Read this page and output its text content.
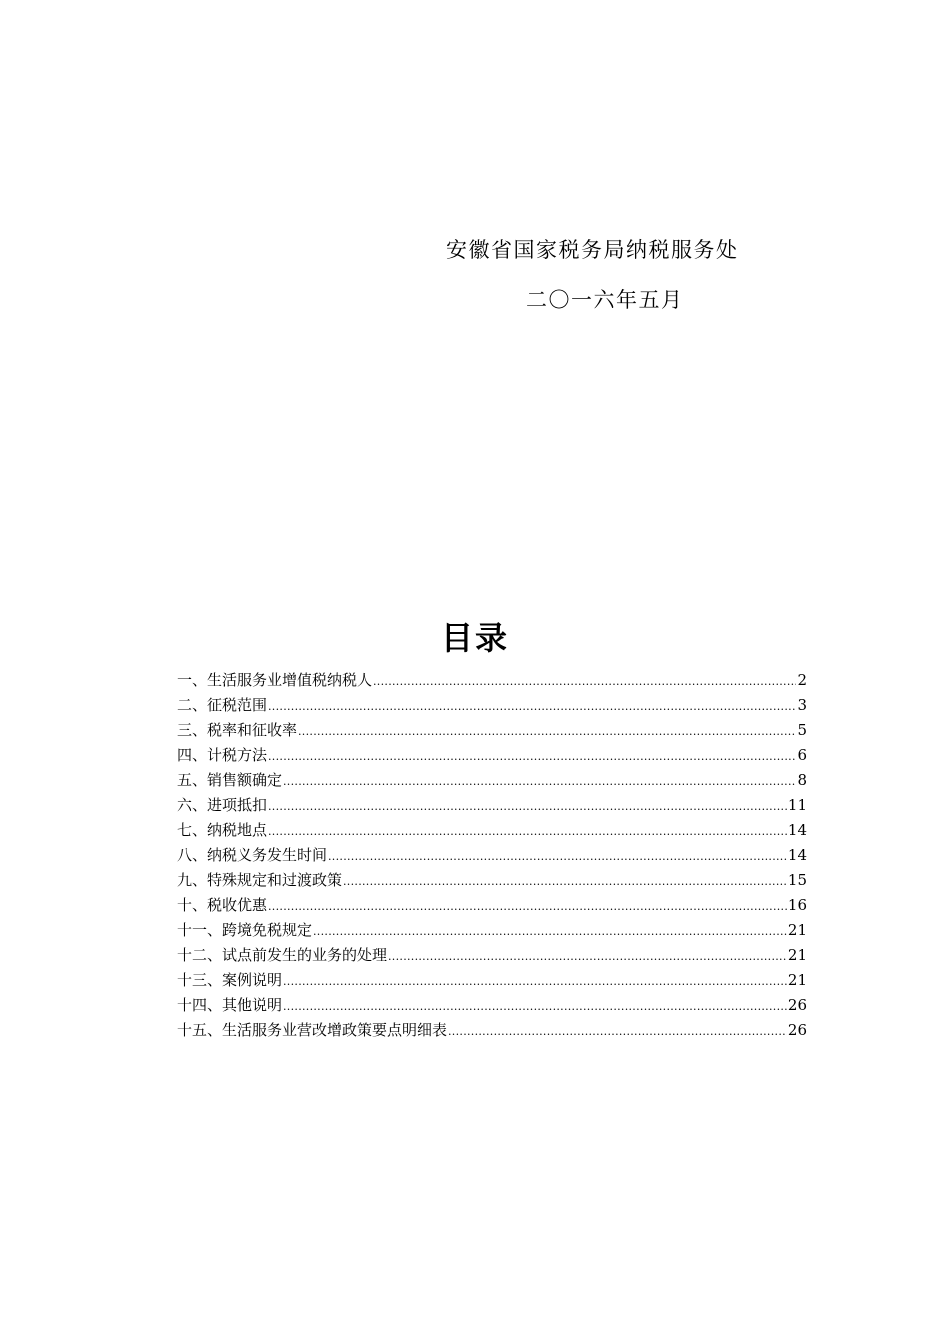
安徽省国家税务局纳税服务处
二〇一六年五月
目录
一、生活服务业增值税纳税人 .....	2
二、征税范围 .....	3
三、税率和征收率 .....	5
四、计税方法 .....	6
五、销售额确定 .....	8
六、进项抵扣 .....	11
七、纳税地点 .....	14
八、纳税义务发生时间 .....	14
九、特殊规定和过渡政策 .....	15
十、税收优惠 .....	16
十一、跨境免税规定 .....	21
十二、试点前发生的业务的处理 .....	21
十三、案例说明 .....	21
十四、其他说明 .....	26
十五、生活服务业营改增政策要点明细表 .....	26
